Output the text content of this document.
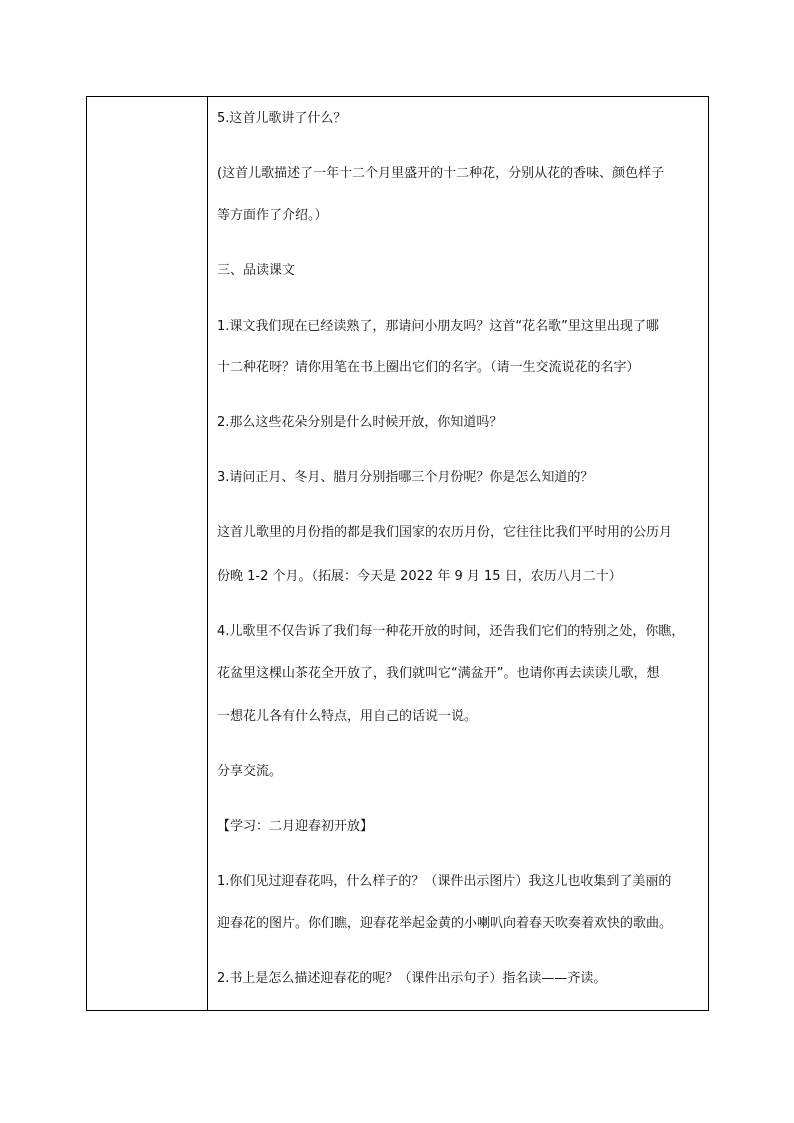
5.这首儿歌讲了什么？
(这首儿歌描述了一年十二个月里盛开的十二种花，分别从花的香味、颜色样子
等方面作了介绍。）
三、品读课文
1.课文我们现在已经读熟了，那请问小朋友吗？这首“花名歌”里这里出现了哪
十二种花呀？请你用笔在书上圈出它们的名字。（请一生交流说花的名字）
2.那么这些花朵分别是什么时候开放，你知道吗？
3.请问正月、冬月、腊月分别指哪三个月份呢？你是怎么知道的？
这首儿歌里的月份指的都是我们国家的农历月份，它往往比我们平时用的公历月
份晚 1-2 个月。（拓展：今天是 2022 年 9 月 15 日，农历八月二十）
4.儿歌里不仅告诉了我们每一种花开放的时间，还告我们它们的特别之处，你瞧，
花盆里这棵山茶花全开放了，我们就叫它“满盆开”。也请你再去读读儿歌，想
一想花儿各有什么特点，用自己的话说一说。
分享交流。
【学习：二月迎春初开放】
1.你们见过迎春花吗，什么样子的？（课件出示图片）我这儿也收集到了美丽的
迎春花的图片。你们瞧，迎春花举起金黄的小喇叭向着春天吹奏着欢快的歌曲。
2.书上是怎么描述迎春花的呢？（课件出示句子）指名读——齐读。
